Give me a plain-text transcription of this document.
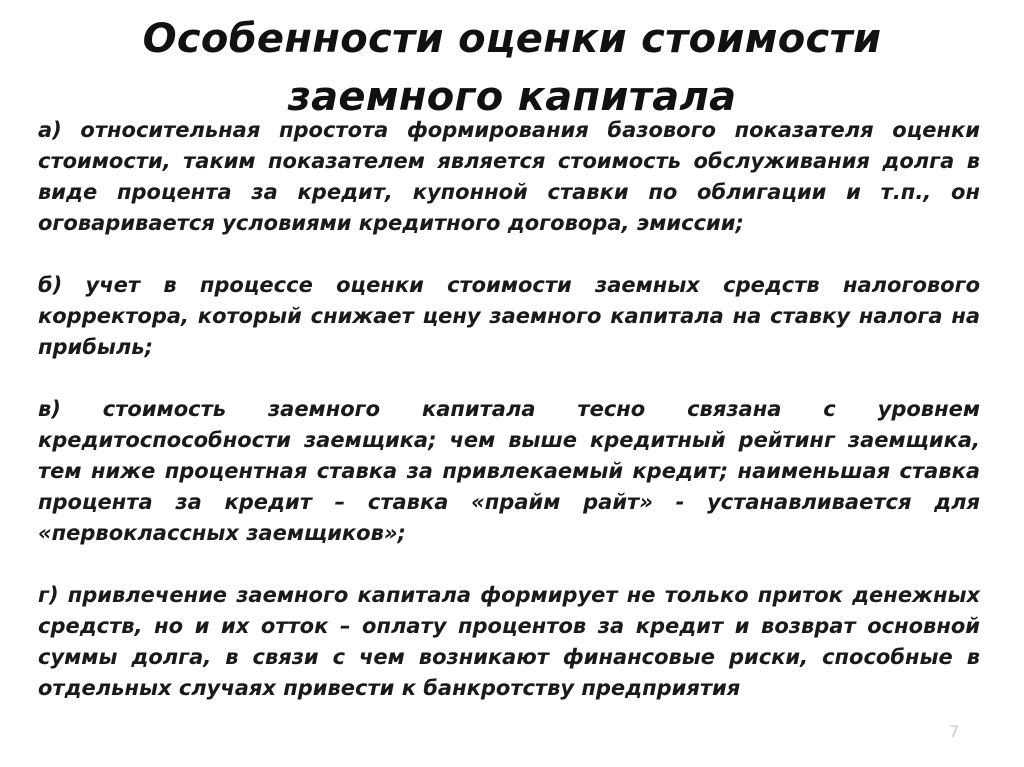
Особенности оценки стоимости заемного капитала

а) относительная простота формирования базового показателя оценки стоимости, таким показателем является стоимость обслуживания долга в виде процента за кредит, купонной ставки по облигации и т.п., он оговаривается условиями кредитного договора, эмиссии;

б) учет в процессе оценки стоимости заемных средств налогового корректора, который снижает цену заемного капитала на ставку налога на прибыль;

в) стоимость заемного капитала тесно связана с уровнем кредитоспособности заемщика; чем выше кредитный рейтинг заемщика, тем ниже процентная ставка за привлекаемый кредит; наименьшая ставка процента за кредит – ставка «прайм райт» - устанавливается для «первоклассных заемщиков»;

г) привлечение заемного капитала формирует не только приток денежных средств, но и их отток – оплату процентов за кредит и возврат основной суммы долга, в связи с чем возникают финансовые риски, способные в отдельных случаях привести к банкротству предприятия

7
